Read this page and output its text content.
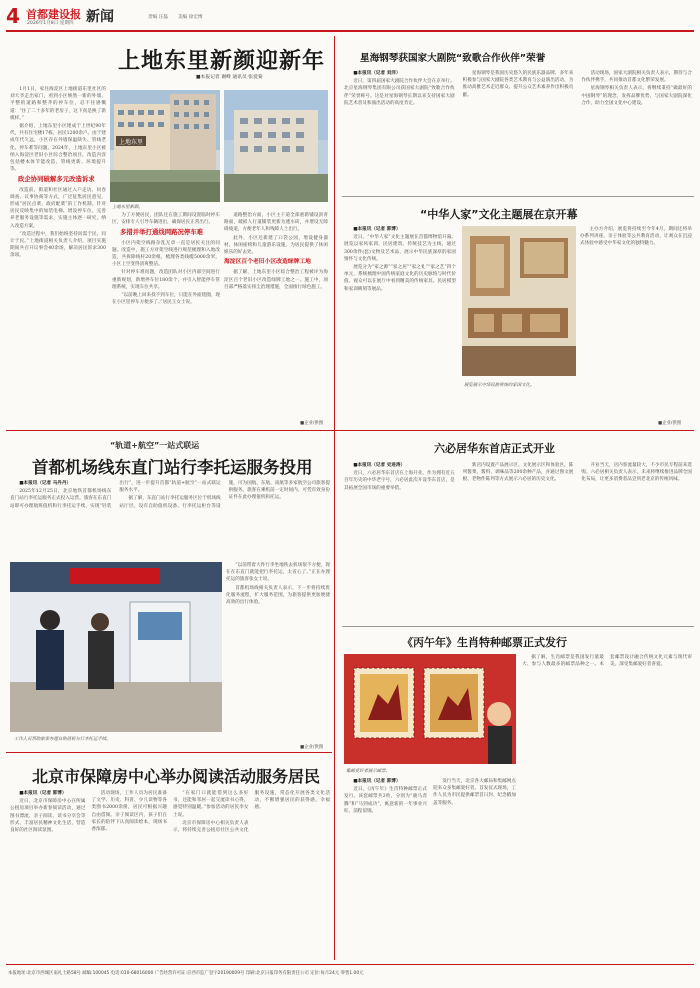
4 首都建设报
2026年1月8日 星期四 新闻	责编 汪磊 美编 徐宏博
上地东里新颜迎新年
■本报记者 谢峰 通讯员 张爱菊

1月1日，家住海淀区上地街道东里社区的刘大爷走出家门，看到小区焕然一新的外墙、平整的道路和整齐的停车位，忍不住感慨道：“住了二十多年的老房子，这下真是换了新模样。”

据介绍，上地东里小区建成于上世纪90年代，共有住宅楼17栋，居民1200余户。由于建成年代久远，小区存在外墙保温缺失、管线老化、停车难等问题。2024年，上地东里小区被纳入海淀区老旧小区综合整治项目，改造内容包括楼本体节能改造、管线更新、环境提升等。

政企协同破解多元改造诉求

改造前，街道和社区通过入户走访、问卷调查、议事协商等方式，广泛征集居民意见，形成“居民点菜、政府配菜”的工作机制。针对居民反映集中的加装电梯、增设停车位、完善养老服务设施等需求，实施主体逐一研究，纳入改造方案。

“改造过程中，我们始终坚持问需于民、问计于民。”上地街道相关负责人介绍，项目实施期间共召开议事会40余场，解决居民诉求300余项。

上地东里
上地东里新颜。

为了方便居民，团队还在施工期间设置临时停车区，安排专人引导车辆进出，确保居民正常出行。

多措并举打通线网路况停车难

小区内架空线路杂乱无章一直是居民关注的问题。改造中，施工方对架空线进行规范梳理和入地改造，共拆除线杆20余根，梳理各类线缆5000余米，小区上空变得清爽整洁。

针对停车难问题，改造团队对小区内部空间进行重新规划，新增停车位180余个，并引入智能停车管理系统，实现车位共享。

“以前晚上回来找不到车位，只能在外面绕圈，现在小区里停车方便多了。”居民王女士说。

道路整治方面，小区主干道全部重新铺设沥青路面，破损人行道铺装更新为透水砖，并增设无障碍坡道，方便老年人和残障人士出行。

此外，小区还新建了口袋公园，增设健身器材、休闲座椅和儿童游乐设施，为居民提供了休闲娱乐的好去处。

海淀区百个老旧小区改造绿牌工地

据了解，上地东里小区综合整治工程被评为海淀区百个老旧小区改造绿牌工地之一。施工中，项目部严格落实扬尘治理措施，全面推行绿色施工。

■企业/供图
星海钢琴获国家大剧院“致歌合作伙伴”荣誉

■本报讯（记者 刘洋）

近日，第四届国家大剧院合作伙伴大会在京举行。北京星海钢琴集团有限公司获国家大剧院“致歌合作伙伴”荣誉称号。这是对星海钢琴长期以来支持国家大剧院艺术普及和演出活动的高度肯定。

星海钢琴是我国历史悠久的民族乐器品牌，多年来积极参与国家大剧院各类艺术教育与公益演出活动，为推动高雅艺术走近群众、提升公众艺术素养作出积极贡献。

活动现场，国家大剧院相关负责人表示，期待与合作伙伴携手，共同推动首都文化繁荣发展。

星海钢琴相关负责人表示，将继续秉持“做最好的中国钢琴”的理念，发挥品牌优势，与国家大剧院深化合作，助力全国文化中心建设。

“中华人家”文化主题展在京开幕

■本报讯（记者 郭博）

近日，“中华人家”文化主题展在首都博物馆开幕。展览以家风家训、民居建筑、传统技艺为主线，通过300余件(套)文物及艺术品，展示中华民族深厚的家国情怀与文化传统。

展览分为“家之源”“家之居”“家之礼”“家之艺”四个单元，系统梳理中国传统家庭文化的历史脉络与时代价值。观众可以在展厅中看到精美的传统家具、民居模型和家训碑刻等展品。

主办方介绍，展览将持续至今年4月，期间还将举办系列讲座、亲子体验等公共教育活动，让观众在沉浸式体验中感受中华家文化的独特魅力。

展览展示中华民族传统的家国文化。
■企业/供图
“轨道+航空”一站式联运
首都机场线东直门站行李托运服务投用

■本报讯（记者 马丹丹）

2025年12月25日，北京地铁首都机场线东直门站行李托运服务正式投入运营。旅客在东直门站即可办理航班值机和行李托运手续，实现“轻装出行”，进一步提升首都“轨道+航空”一站式联运服务水平。

据了解，东直门站行李托运服务区位于机场线站厅层，设有自助值机设备、行李托运柜台等设施，可为国航、东航、南航等多家航空公司旅客提供服务。旅客在乘机前一定时间内，可凭有效身份证件在此办理值机和托运。

工作人员帮助旅客办理自助值机与行李托运手续。

“以前带着大件行李坐地铁去机场很不方便，现在在东直门就能把行李托运，太省心了。”正在办理托运的旅客张女士说。

首都机场线相关负责人表示，下一步将持续优化服务流程，扩大服务范围，为旅客提供更加便捷高效的出行体验。

■企业/供图
北京市保障房中心举办阅读活动服务居民

■本报讯（记者 郭博）

近日，北京市保障房中心在所属公租房项目举办新春阅读活动，通过图书漂流、亲子阅读、读书分享会等形式，丰富居民精神文化生活，营造良好的社区阅读氛围。

活动现场，工作人员为居民准备了文学、历史、科普、少儿读物等各类图书2000余册，居民可根据兴趣自由借阅。亲子阅读区内，孩子们在家长的陪伴下认真阅读绘本，现场书香浓郁。

“在家门口就能借到这么多好书，还能和邻居一起交流读书心得，感觉特别温暖。”参加活动的居民李女士说。

北京市保障房中心相关负责人表示，将持续完善公租房社区公共文化服务设施，常态化开展各类文化活动，不断增强居民的获得感、幸福感。

六必居华东首店正式开业

■本报讯（记者 史进涛）

近日，六必居华东首店在上海开业。作为拥有近五百年历史的中华老字号，六必居此次开设华东首店，是其拓展全国市场的重要举措。

新店内设置产品展示区、文化展示区和体验区，陈列酱菜、酱料、调味品等200余种产品，并通过图文展板、老物件陈列等方式展示六必居的历史文化。

开业当天，店内客流量较大，不少市民专程前来选购。六必居相关负责人表示，未来将继续推进品牌全国化布局，让更多消费者品尝到老北京的传统风味。

《丙午年》生肖特种邮票正式发行
集邮爱好者展示邮票。

■本报讯（记者 郭博）

近日，《丙午年》生肖特种邮票正式发行。该套邮票共2枚，分别为“骏马奔腾”和“马到成功”，寓意新的一年事业兴旺、前程似锦。

发行当天，北京各大邮局和集邮网点迎来众多集邮爱好者。首发仪式现场，工作人员为市民提供邮票首日封、纪念戳加盖等服务。

据了解，生肖邮票是我国发行量最大、参与人数最多的邮票品种之一。本套邮票设计融合传统文化元素与现代审美，深受集邮爱好者喜爱。

本报地址:北京市西城区南礼士路58号 邮编:100045 电话:010-68016000 广告经营许可证:京西市监广登字20190009号 印刷:北京日报印务有限责任公司 定价:每月24元 零售1.00元
